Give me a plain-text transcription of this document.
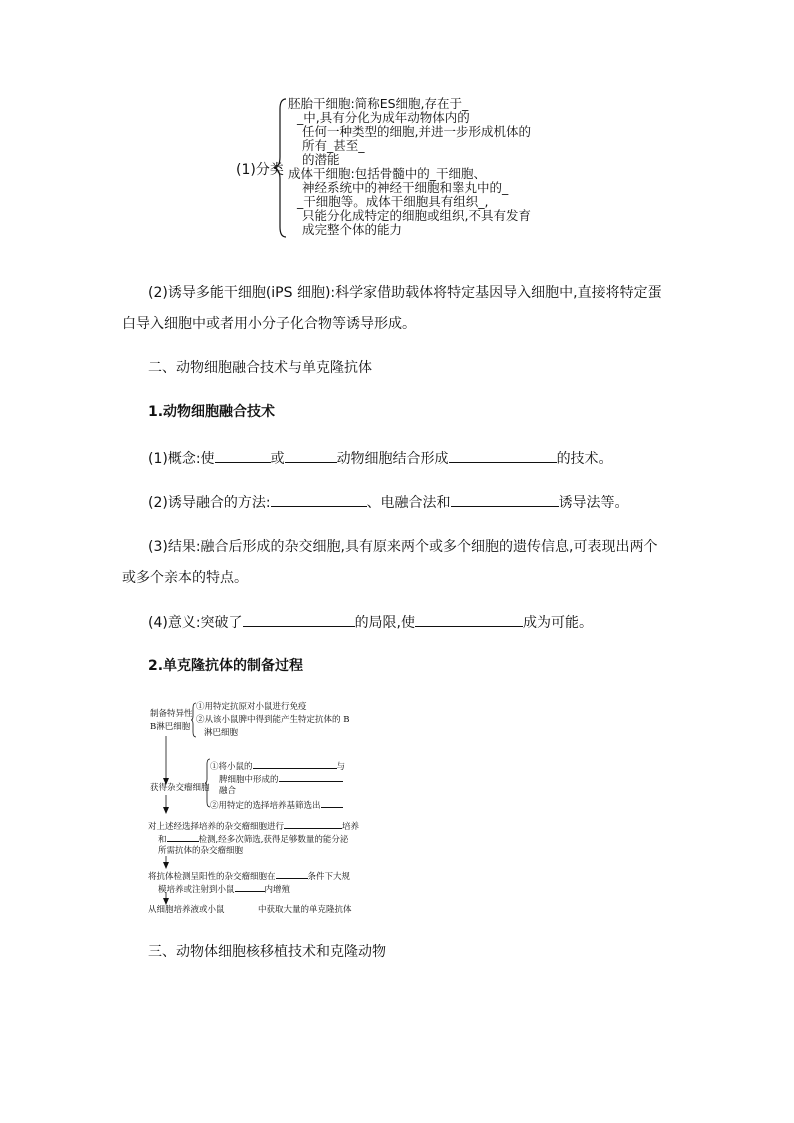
(1)分类
胚胎干细胞:简称ES细胞,存在于_
_中,具有分化为成年动物体内的
任何一种类型的细胞,并进一步形成机体的
所有_甚至_
的潜能
成体干细胞:包括骨髓中的_干细胞、
神经系统中的神经干细胞和睾丸中的_
_干细胞等。成体干细胞具有组织_,
只能分化成特定的细胞或组织,不具有发育
成完整个体的能力
(2)诱导多能干细胞(iPS 细胞):科学家借助载体将特定基因导入细胞中,直接将特定蛋
白导入细胞中或者用小分子化合物等诱导形成。
二、动物细胞融合技术与单克隆抗体
1.动物细胞融合技术
(1)概念:使	或	动物细胞结合形成	的技术。
(2)诱导融合的方法:	、电融合法和	诱导法等。
(3)结果:融合后形成的杂交细胞,具有原来两个或多个细胞的遗传信息,可表现出两个
或多个亲本的特点。
(4)意义:突破了	的局限,使	成为可能。
2.单克隆抗体的制备过程
制备特异性
B淋巴细胞
①用特定抗原对小鼠进行免疫
②从该小鼠脾中得到能产生特定抗体的 B
淋巴细胞
获得杂交瘤细胞
①将小鼠的	与
脾细胞中形成的
融合
②用特定的选择培养基筛选出
对上述经选择培养的杂交瘤细胞进行	培养
和	检测,经多次筛选,获得足够数量的能分泌
所需抗体的杂交瘤细胞
将抗体检测呈阳性的杂交瘤细胞在	条件下大规
模培养或注射到小鼠	内增殖
从细胞培养液或小鼠	中获取大量的单克隆抗体
三、动物体细胞核移植技术和克隆动物
